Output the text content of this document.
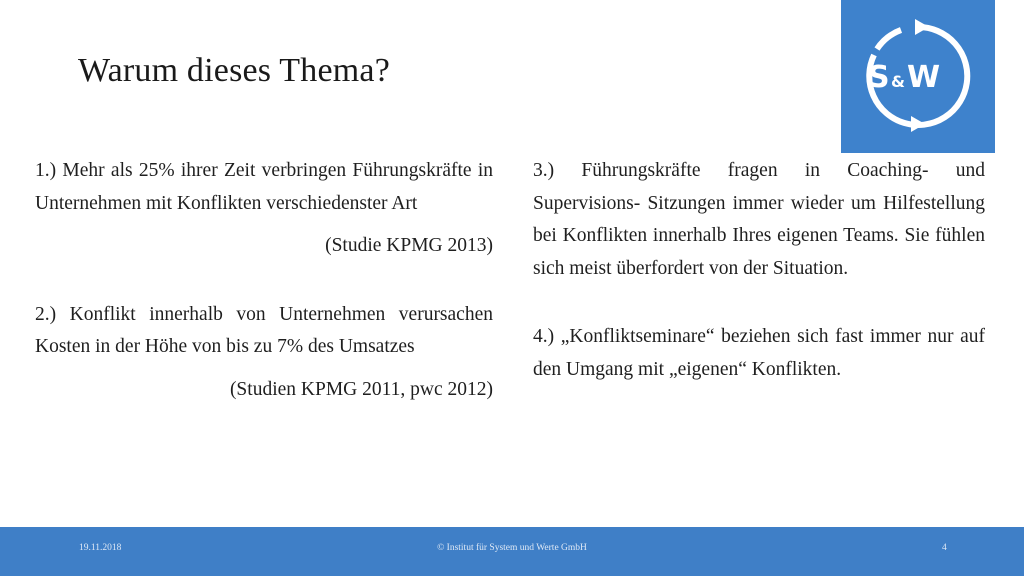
Warum dieses Thema?	S & W

1.) Mehr als 25% ihrer Zeit verbringen Führungskräfte in Unternehmen mit Konflikten verschiedenster Art

(Studie KPMG 2013)

2.) Konflikt innerhalb von Unternehmen verursachen Kosten in der Höhe von bis zu 7% des Umsatzes

(Studien KPMG 2011, pwc 2012)

3.) Führungskräfte fragen in Coaching- und Supervisions- Sitzungen immer wieder um Hilfestellung bei Konflikten innerhalb Ihres eigenen Teams. Sie fühlen sich meist überfordert von der Situation.

4.) „Konfliktseminare“ beziehen sich fast immer nur auf den Umgang mit „eigenen“ Konflikten.

19.11.2018	© Institut für System und Werte GmbH	4
